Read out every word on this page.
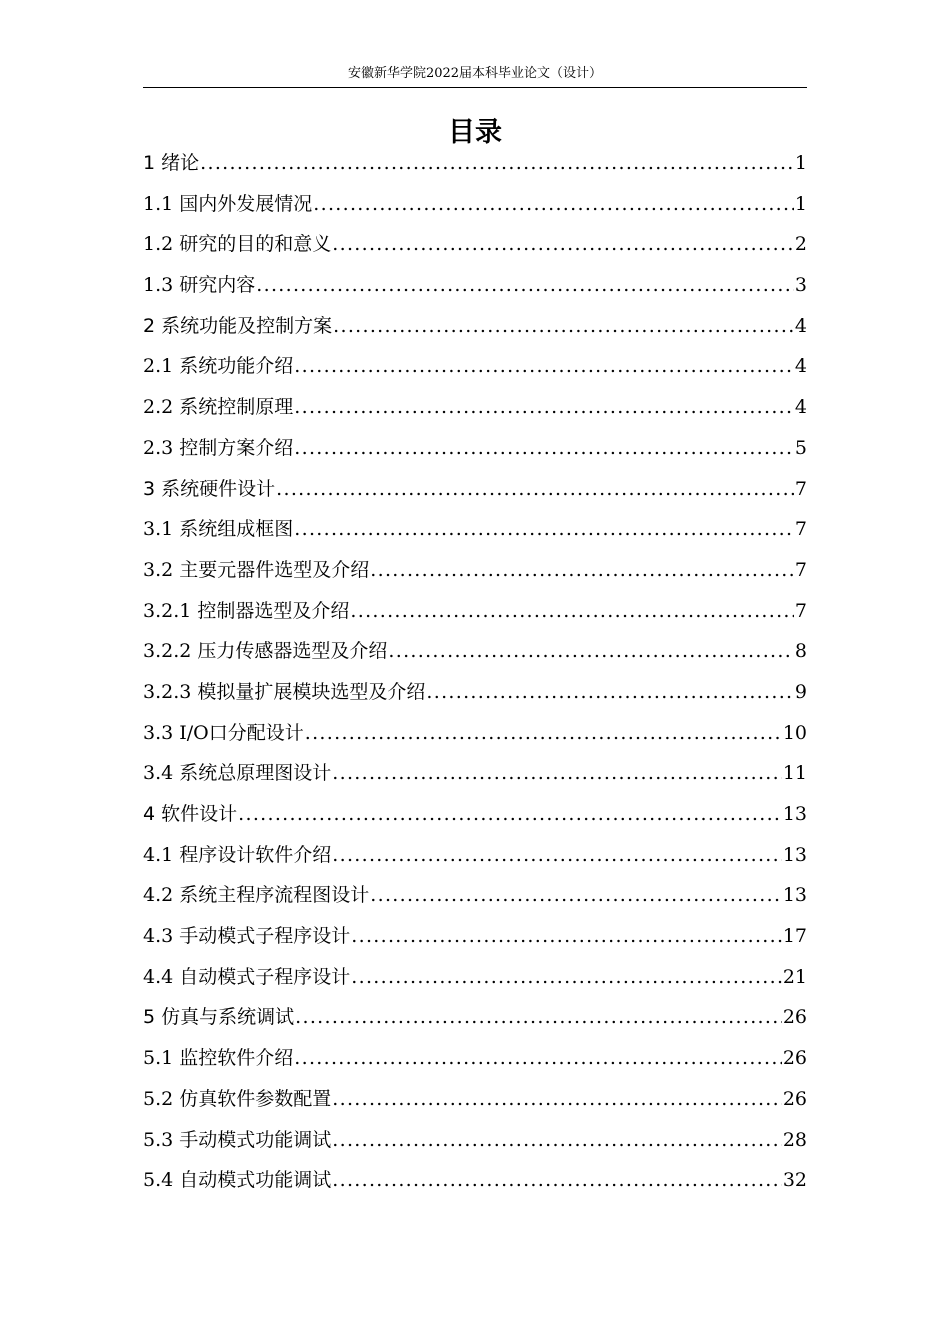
安徽新华学院2022届本科毕业论文（设计）
目录
1 绪论 .....	1
1.1 国内外发展情况 .....	1
1.2 研究的目的和意义 .....	2
1.3 研究内容 .....	3
2 系统功能及控制方案 .....	4
2.1 系统功能介绍 .....	4
2.2 系统控制原理 .....	4
2.3 控制方案介绍 .....	5
3 系统硬件设计 .....	7
3.1 系统组成框图 .....	7
3.2 主要元器件选型及介绍 .....	7
3.2.1 控制器选型及介绍 .....	7
3.2.2 压力传感器选型及介绍 .....	8
3.2.3 模拟量扩展模块选型及介绍 .....	9
3.3 I/O口分配设计 .....	10
3.4 系统总原理图设计 .....	11
4 软件设计 .....	13
4.1 程序设计软件介绍 .....	13
4.2 系统主程序流程图设计 .....	13
4.3 手动模式子程序设计 .....	17
4.4 自动模式子程序设计 .....	21
5 仿真与系统调试 .....	26
5.1 监控软件介绍 .....	26
5.2 仿真软件参数配置 .....	26
5.3 手动模式功能调试 .....	28
5.4 自动模式功能调试 .....	32
